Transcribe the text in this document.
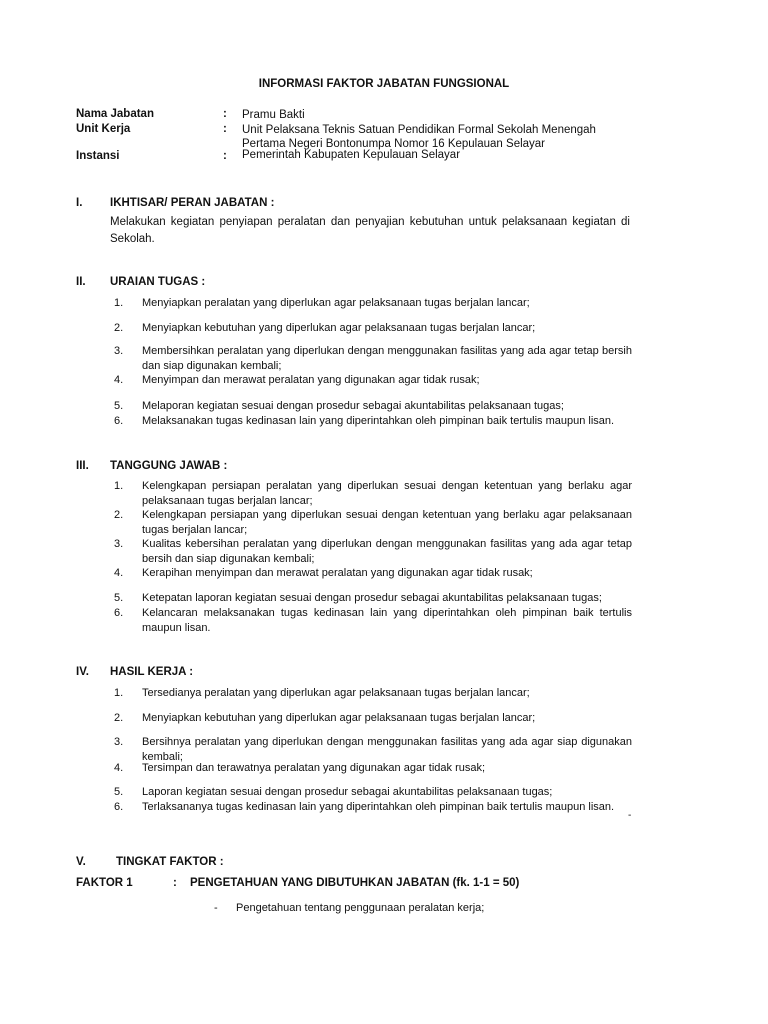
INFORMASI FAKTOR JABATAN FUNGSIONAL
Nama Jabatan	: Pramu Bakti
Unit Kerja	: Unit Pelaksana Teknis Satuan Pendidikan Formal Sekolah Menengah Pertama Negeri Bontonumpa Nomor 16 Kepulauan Selayar
Instansi	: Pemerintah Kabupaten Kepulauan Selayar
I. IKHTISAR/ PERAN JABATAN :
Melakukan kegiatan penyiapan peralatan dan penyajian kebutuhan untuk pelaksanaan kegiatan di Sekolah.
II. URAIAN TUGAS :
1.	Menyiapkan peralatan yang diperlukan agar pelaksanaan tugas berjalan lancar;
2.	Menyiapkan kebutuhan yang diperlukan agar pelaksanaan tugas berjalan lancar;
3.	Membersihkan peralatan yang diperlukan dengan menggunakan fasilitas yang ada agar tetap bersih dan siap digunakan kembali;
4.	Menyimpan dan merawat peralatan yang digunakan agar tidak rusak;
5.	Melaporan kegiatan sesuai dengan prosedur sebagai akuntabilitas pelaksanaan tugas;
6.	Melaksanakan tugas kedinasan lain yang diperintahkan oleh pimpinan baik tertulis maupun lisan.
III. TANGGUNG JAWAB :
1.	Kelengkapan persiapan peralatan yang diperlukan sesuai dengan ketentuan yang berlaku agar pelaksanaan tugas berjalan lancar;
2.	Kelengkapan persiapan yang diperlukan sesuai dengan ketentuan yang berlaku agar pelaksanaan tugas berjalan lancar;
3.	Kualitas kebersihan peralatan yang diperlukan dengan menggunakan fasilitas yang ada agar tetap bersih dan siap digunakan kembali;
4.	Kerapihan menyimpan dan merawat peralatan yang digunakan agar tidak rusak;
5.	Ketepatan laporan kegiatan sesuai dengan prosedur sebagai akuntabilitas pelaksanaan tugas;
6.	Kelancaran melaksanakan tugas kedinasan lain yang diperintahkan oleh pimpinan baik tertulis maupun lisan.
IV. HASIL KERJA :
1.	Tersedianya peralatan yang diperlukan agar pelaksanaan tugas berjalan lancar;
2.	Menyiapkan kebutuhan yang diperlukan agar pelaksanaan tugas berjalan lancar;
3.	Bersihnya peralatan yang diperlukan dengan menggunakan fasilitas yang ada agar siap digunakan kembali;
4.	Tersimpan dan terawatnya peralatan yang digunakan agar tidak rusak;
5.	Laporan kegiatan sesuai dengan prosedur sebagai akuntabilitas pelaksanaan tugas;
6.	Terlaksananya tugas kedinasan lain yang diperintahkan oleh pimpinan baik tertulis maupun lisan.
-
V.	TINGKAT FAKTOR :
FAKTOR 1	: PENGETAHUAN YANG DIBUTUHKAN JABATAN (fk. 1-1 = 50)
- Pengetahuan tentang penggunaan peralatan kerja;
